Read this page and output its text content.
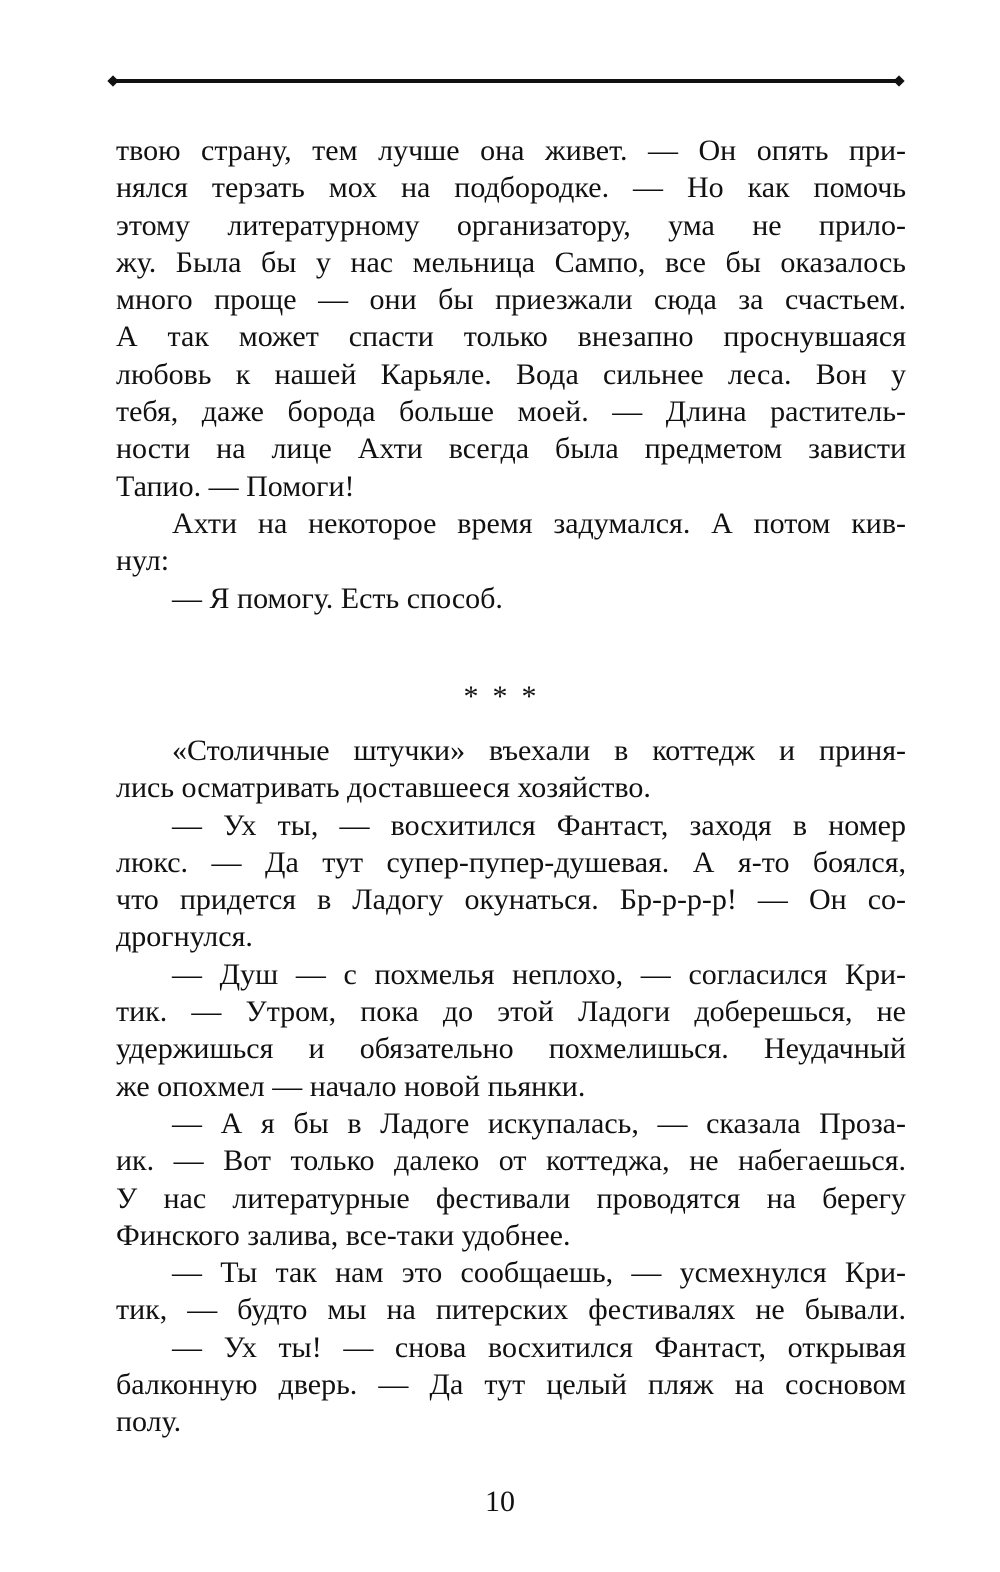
твою страну, тем лучше она живет. — Он опять при-
нялся терзать мох на подбородке. — Но как помочь
этому литературному организатору, ума не прило-
жу. Была бы у нас мельница Сампо, все бы оказалось
много проще — они бы приезжали сюда за счастьем.
А так может спасти только внезапно проснувшаяся
любовь к нашей Карьяле. Вода сильнее леса. Вон у
тебя, даже борода больше моей. — Длина раститель-
ности на лице Ахти всегда была предметом зависти
Тапио. — Помоги!
Ахти на некоторое время задумался. А потом кив-
нул:
— Я помогу. Есть способ.
***
«Столичные штучки» въехали в коттедж и приня-
лись осматривать доставшееся хозяйство.
— Ух ты, — восхитился Фантаст, заходя в номер
люкс. — Да тут супер-пупер-душевая. А я-то боялся,
что придется в Ладогу окунаться. Бр-р-р-р! — Он со-
дрогнулся.
— Душ — с похмелья неплохо, — согласился Кри-
тик. — Утром, пока до этой Ладоги доберешься, не
удержишься и обязательно похмелишься. Неудачный
же опохмел — начало новой пьянки.
— А я бы в Ладоге искупалась, — сказала Проза-
ик. — Вот только далеко от коттеджа, не набегаешься.
У нас литературные фестивали проводятся на берегу
Финского залива, все-таки удобнее.
— Ты так нам это сообщаешь, — усмехнулся Кри-
тик, — будто мы на питерских фестивалях не бывали.
— Ух ты! — снова восхитился Фантаст, открывая
балконную дверь. — Да тут целый пляж на сосновом
полу.
10
